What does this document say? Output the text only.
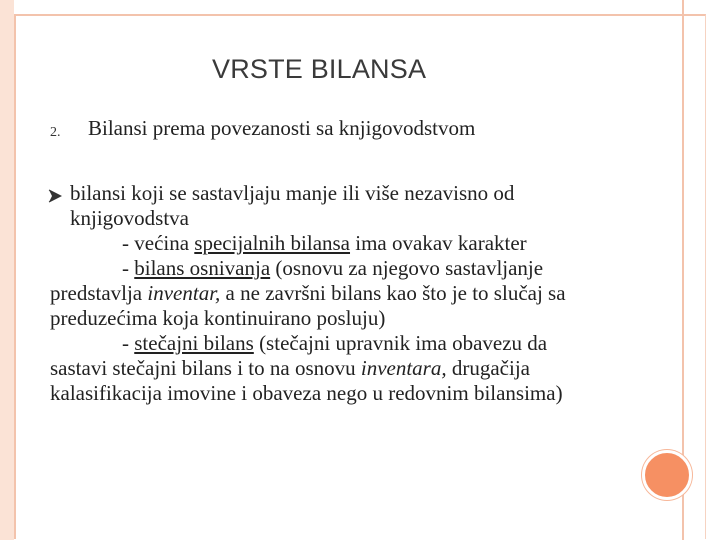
VRSTE BILANSA
2. Bilansi prema povezanosti sa knjigovodstvom
bilansi koji se sastavljaju manje ili više nezavisno od
knjigovodstva
- većina specijalnih bilansa ima ovakav karakter
- bilans osnivanja (osnovu za njegovo sastavljanje
predstavlja inventar, a ne završni bilans kao što je to slučaj sa
preduzećima koja kontinuirano posluju)
- stečajni bilans (stečajni upravnik ima obavezu da
sastavi stečajni bilans i to na osnovu inventara, drugačija
kalasifikacija imovine i obaveza nego u redovnim bilansima)
